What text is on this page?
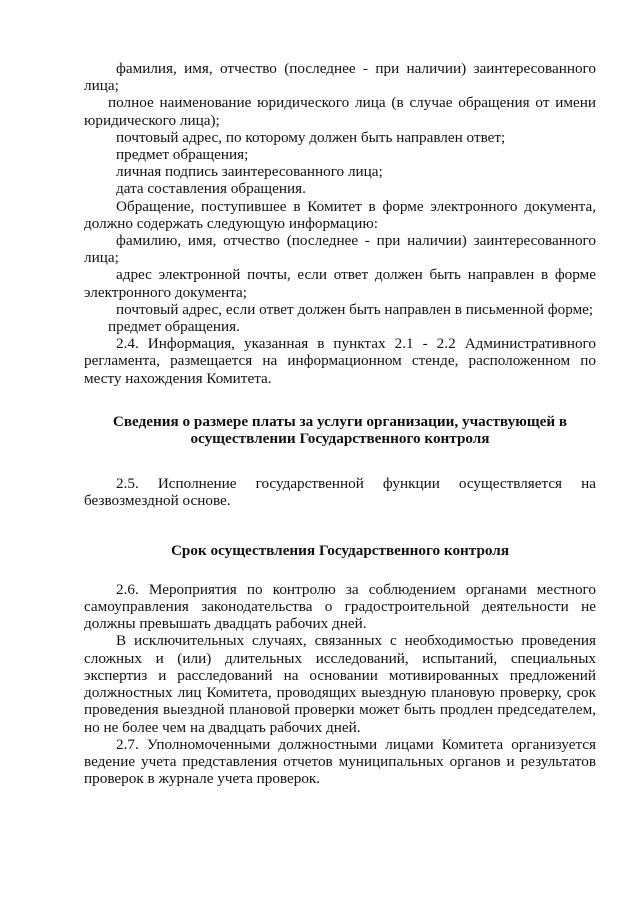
фамилия, имя, отчество (последнее - при наличии) заинтересованного лица;

полное наименование юридического лица (в случае обращения от имени юридического лица);

почтовый адрес, по которому должен быть направлен ответ;

предмет обращения;

личная подпись заинтересованного лица;

дата составления обращения.

Обращение, поступившее в Комитет в форме электронного документа, должно содержать следующую информацию:

фамилию, имя, отчество (последнее - при наличии) заинтересованного лица;

адрес электронной почты, если ответ должен быть направлен в форме электронного документа;

почтовый адрес, если ответ должен быть направлен в письменной форме;

предмет обращения.

2.4. Информация, указанная в пунктах 2.1 - 2.2 Административного регламента, размещается на информационном стенде, расположенном по месту нахождения Комитета.

Сведения о размере платы за услуги организации, участвующей в

осуществлении Государственного контроля

2.5. Исполнение государственной функции осуществляется на

безвозмездной основе.

Срок осуществления Государственного контроля

2.6. Мероприятия по контролю за соблюдением органами местного самоуправления законодательства о градостроительной деятельности не должны превышать двадцать рабочих дней.

В исключительных случаях, связанных с необходимостью проведения сложных и (или) длительных исследований, испытаний, специальных экспертиз и расследований на основании мотивированных предложений должностных лиц Комитета, проводящих выездную плановую проверку, срок проведения выездной плановой проверки может быть продлен председателем, но не более чем на двадцать рабочих дней.

2.7. Уполномоченными должностными лицами Комитета организуется ведение учета представления отчетов муниципальных органов и результатов проверок в журнале учета проверок.
